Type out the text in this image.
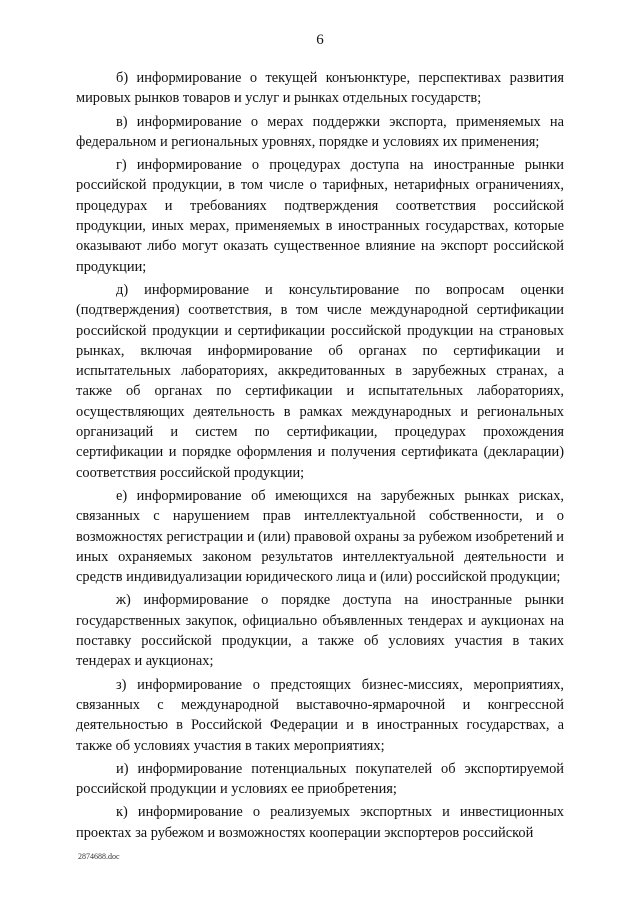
6

б) информирование о текущей конъюнктуре, перспективах развития мировых рынков товаров и услуг и рынках отдельных государств;

в) информирование о мерах поддержки экспорта, применяемых на федеральном и региональных уровнях, порядке и условиях их применения;

г) информирование о процедурах доступа на иностранные рынки российской продукции, в том числе о тарифных, нетарифных ограничениях, процедурах и требованиях подтверждения соответствия российской продукции, иных мерах, применяемых в иностранных государствах, которые оказывают либо могут оказать существенное влияние на экспорт российской продукции;

д) информирование и консультирование по вопросам оценки (подтверждения) соответствия, в том числе международной сертификации российской продукции и сертификации российской продукции на страновых рынках, включая информирование об органах по сертификации и испытательных лабораториях, аккредитованных в зарубежных странах, а также об органах по сертификации и испытательных лабораториях, осуществляющих деятельность в рамках международных и региональных организаций и систем по сертификации, процедурах прохождения сертификации и порядке оформления и получения сертификата (декларации) соответствия российской продукции;

е) информирование об имеющихся на зарубежных рынках рисках, связанных с нарушением прав интеллектуальной собственности, и о возможностях регистрации и (или) правовой охраны за рубежом изобретений и иных охраняемых законом результатов интеллектуальной деятельности и средств индивидуализации юридического лица и (или) российской продукции;

ж) информирование о порядке доступа на иностранные рынки государственных закупок, официально объявленных тендерах и аукционах на поставку российской продукции, а также об условиях участия в таких тендерах и аукционах;

з) информирование о предстоящих бизнес-миссиях, мероприятиях, связанных с международной выставочно-ярмарочной и конгрессной деятельностью в Российской Федерации и в иностранных государствах, а также об условиях участия в таких мероприятиях;

и) информирование потенциальных покупателей об экспортируемой российской продукции и условиях ее приобретения;

к) информирование о реализуемых экспортных и инвестиционных проектах за рубежом и возможностях кооперации экспортеров российской

2874688.doc
